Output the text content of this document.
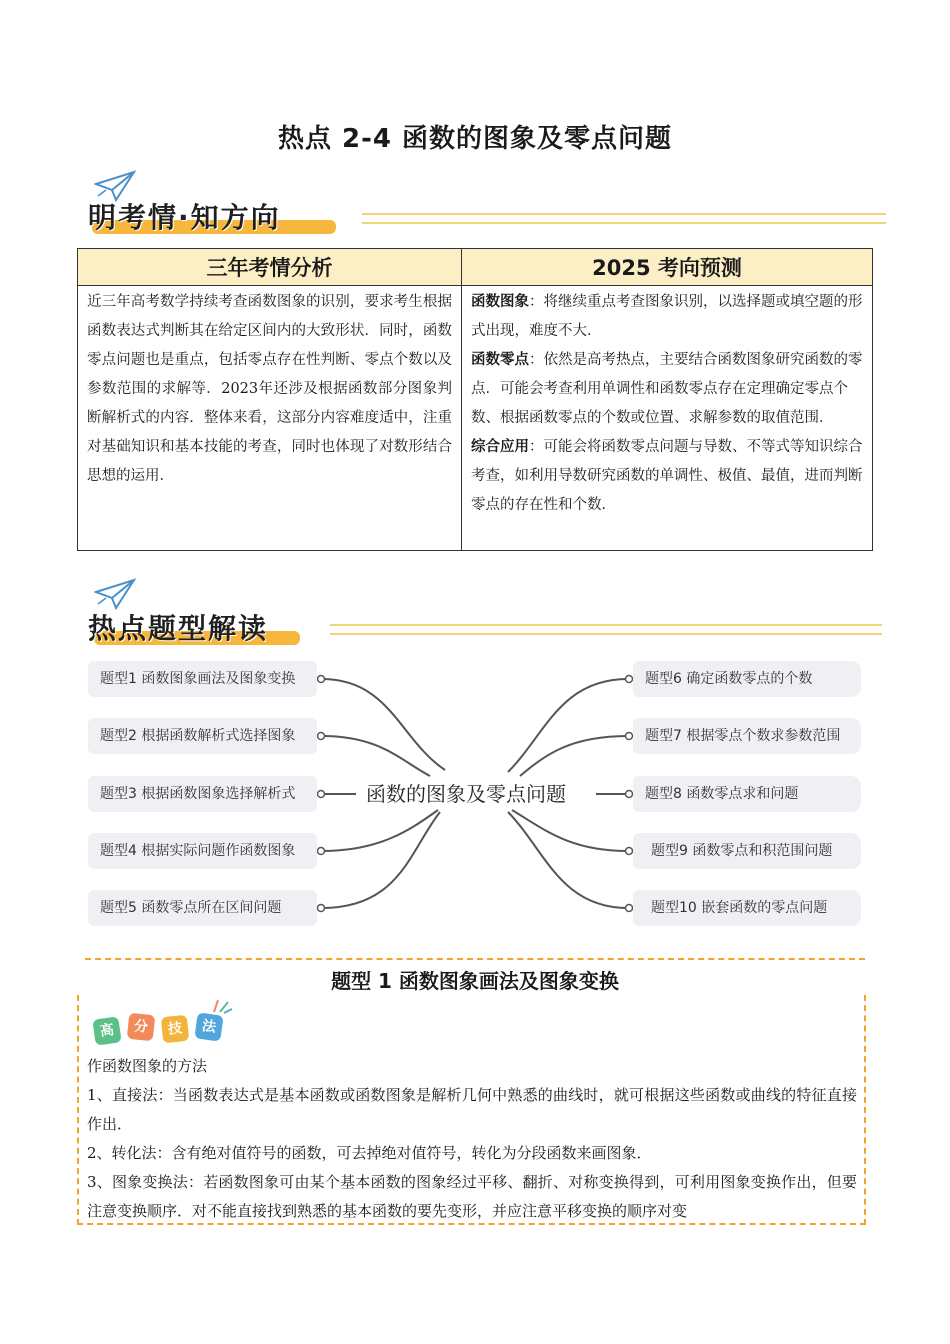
热点 2-4 函数的图象及零点问题
明考情·知方向
三年考情分析	2025 考向预测
近三年高考数学持续考查函数图象的识别，要求考生根据函数表达式判断其在给定区间内的大致形状．同时，函数零点问题也是重点，包括零点存在性判断、零点个数以及参数范围的求解等．2023年还涉及根据函数部分图象判断解析式的内容．整体来看，这部分内容难度适中，注重对基础知识和基本技能的考查，同时也体现了对数形结合思想的运用．	函数图象：将继续重点考查图象识别，以选择题或填空题的形式出现，难度不大．
函数零点：依然是高考热点，主要结合函数图象研究函数的零点．可能会考查利用单调性和函数零点存在定理确定零点个数、根据函数零点的个数或位置、求解参数的取值范围．
综合应用：可能会将函数零点问题与导数、不等式等知识综合考查，如利用导数研究函数的单调性、极值、最值，进而判断零点的存在性和个数．
热点题型解读
题型1 函数图象画法及图象变换
题型2 根据函数解析式选择图象
题型3 根据函数图象选择解析式
题型4 根据实际问题作函数图象
题型5 函数零点所在区间问题
题型6 确定函数零点的个数
题型7 根据零点个数求参数范围
题型8 函数零点求和问题
题型9 函数零点和积范围问题
题型10 嵌套函数的零点问题
函数的图象及零点问题
题型 1 函数图象画法及图象变换
高	分	技	法
作函数图象的方法
1、直接法：当函数表达式是基本函数或函数图象是解析几何中熟悉的曲线时，就可根据这些函数或曲线的特征直接作出．
2、转化法：含有绝对值符号的函数，可去掉绝对值符号，转化为分段函数来画图象．
3、图象变换法：若函数图象可由某个基本函数的图象经过平移、翻折、对称变换得到，可利用图象变换作出，但要注意变换顺序．对不能直接找到熟悉的基本函数的要先变形，并应注意平移变换的顺序对变
